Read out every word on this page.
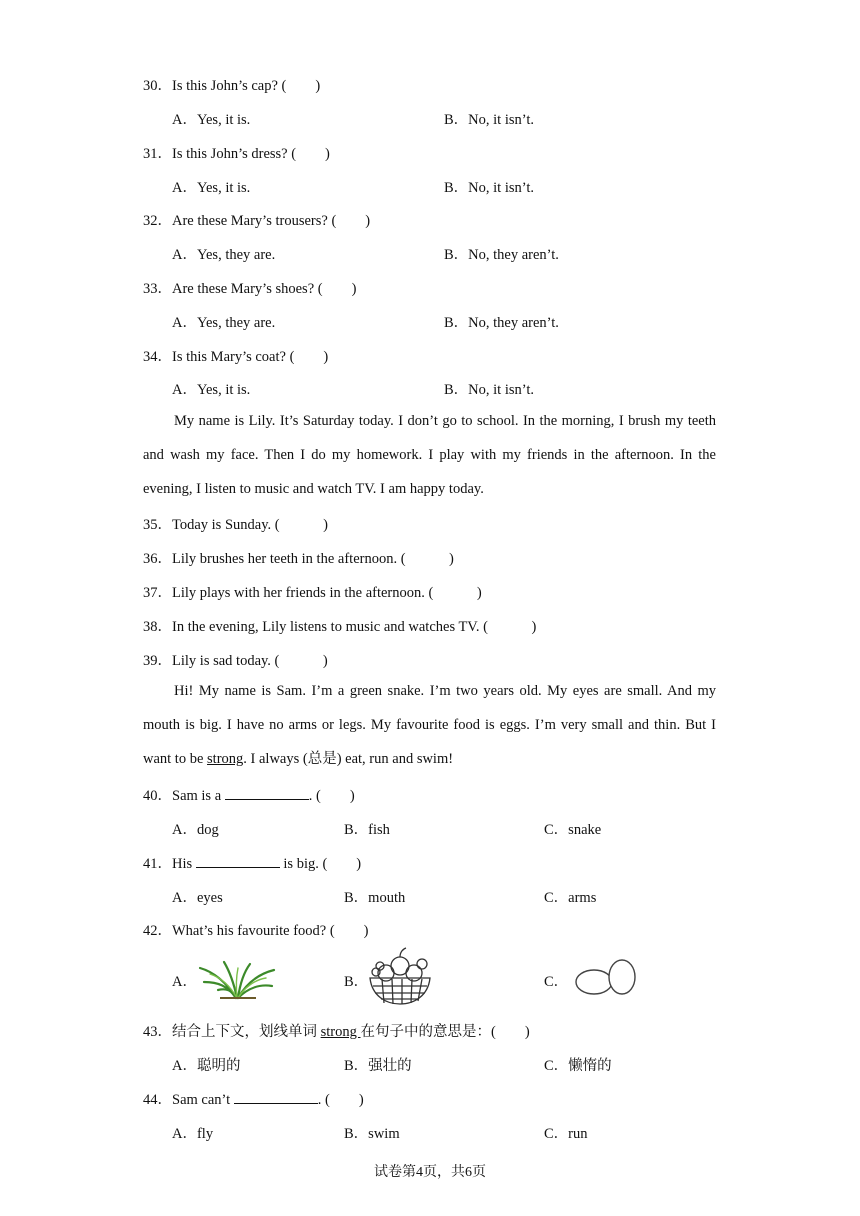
30．Is this John’s cap? (　　)
A．Yes, it is.	B．No, it isn’t.
31．Is this John’s dress? (　　)
A．Yes, it is.	B．No, it isn’t.
32．Are these Mary’s trousers? (　　)
A．Yes, they are.	B．No, they aren’t.
33．Are these Mary’s shoes? (　　)
A．Yes, they are.	B．No, they aren’t.
34．Is this Mary’s coat? (　　)
A．Yes, it is.	B．No, it isn’t.
My name is Lily. It’s Saturday today. I don’t go to school. In the morning, I brush my teeth and wash my face. Then I do my homework. I play with my friends in the afternoon. In the evening, I listen to music and watch TV. I am happy today.
35．Today is Sunday. (　　　)
36．Lily brushes her teeth in the afternoon. (　　　)
37．Lily plays with her friends in the afternoon. (　　　)
38．In the evening, Lily listens to music and watches TV. (　　　)
39．Lily is sad today. (　　　)
Hi! My name is Sam. I’m a green snake. I’m two years old. My eyes are small. And my mouth is big. I have no arms or legs. My favourite food is eggs. I’m very small and thin. But I want to be strong. I always (总是) eat, run and swim!
40．Sam is a	. (　　)
A．dog	B．fish	C．snake
41．His	is big. (　　)
A．eyes	B．mouth	C．arms
42．What’s his favourite food? (　　)
A．	B．	C．
43．结合上下文，划线单词 strong 在句子中的意思是：(　　)
A．聪明的	B．强壮的	C．懒惰的
44．Sam can’t	. (　　)
A．fly	B．swim	C．run
试卷第4页，共6页
